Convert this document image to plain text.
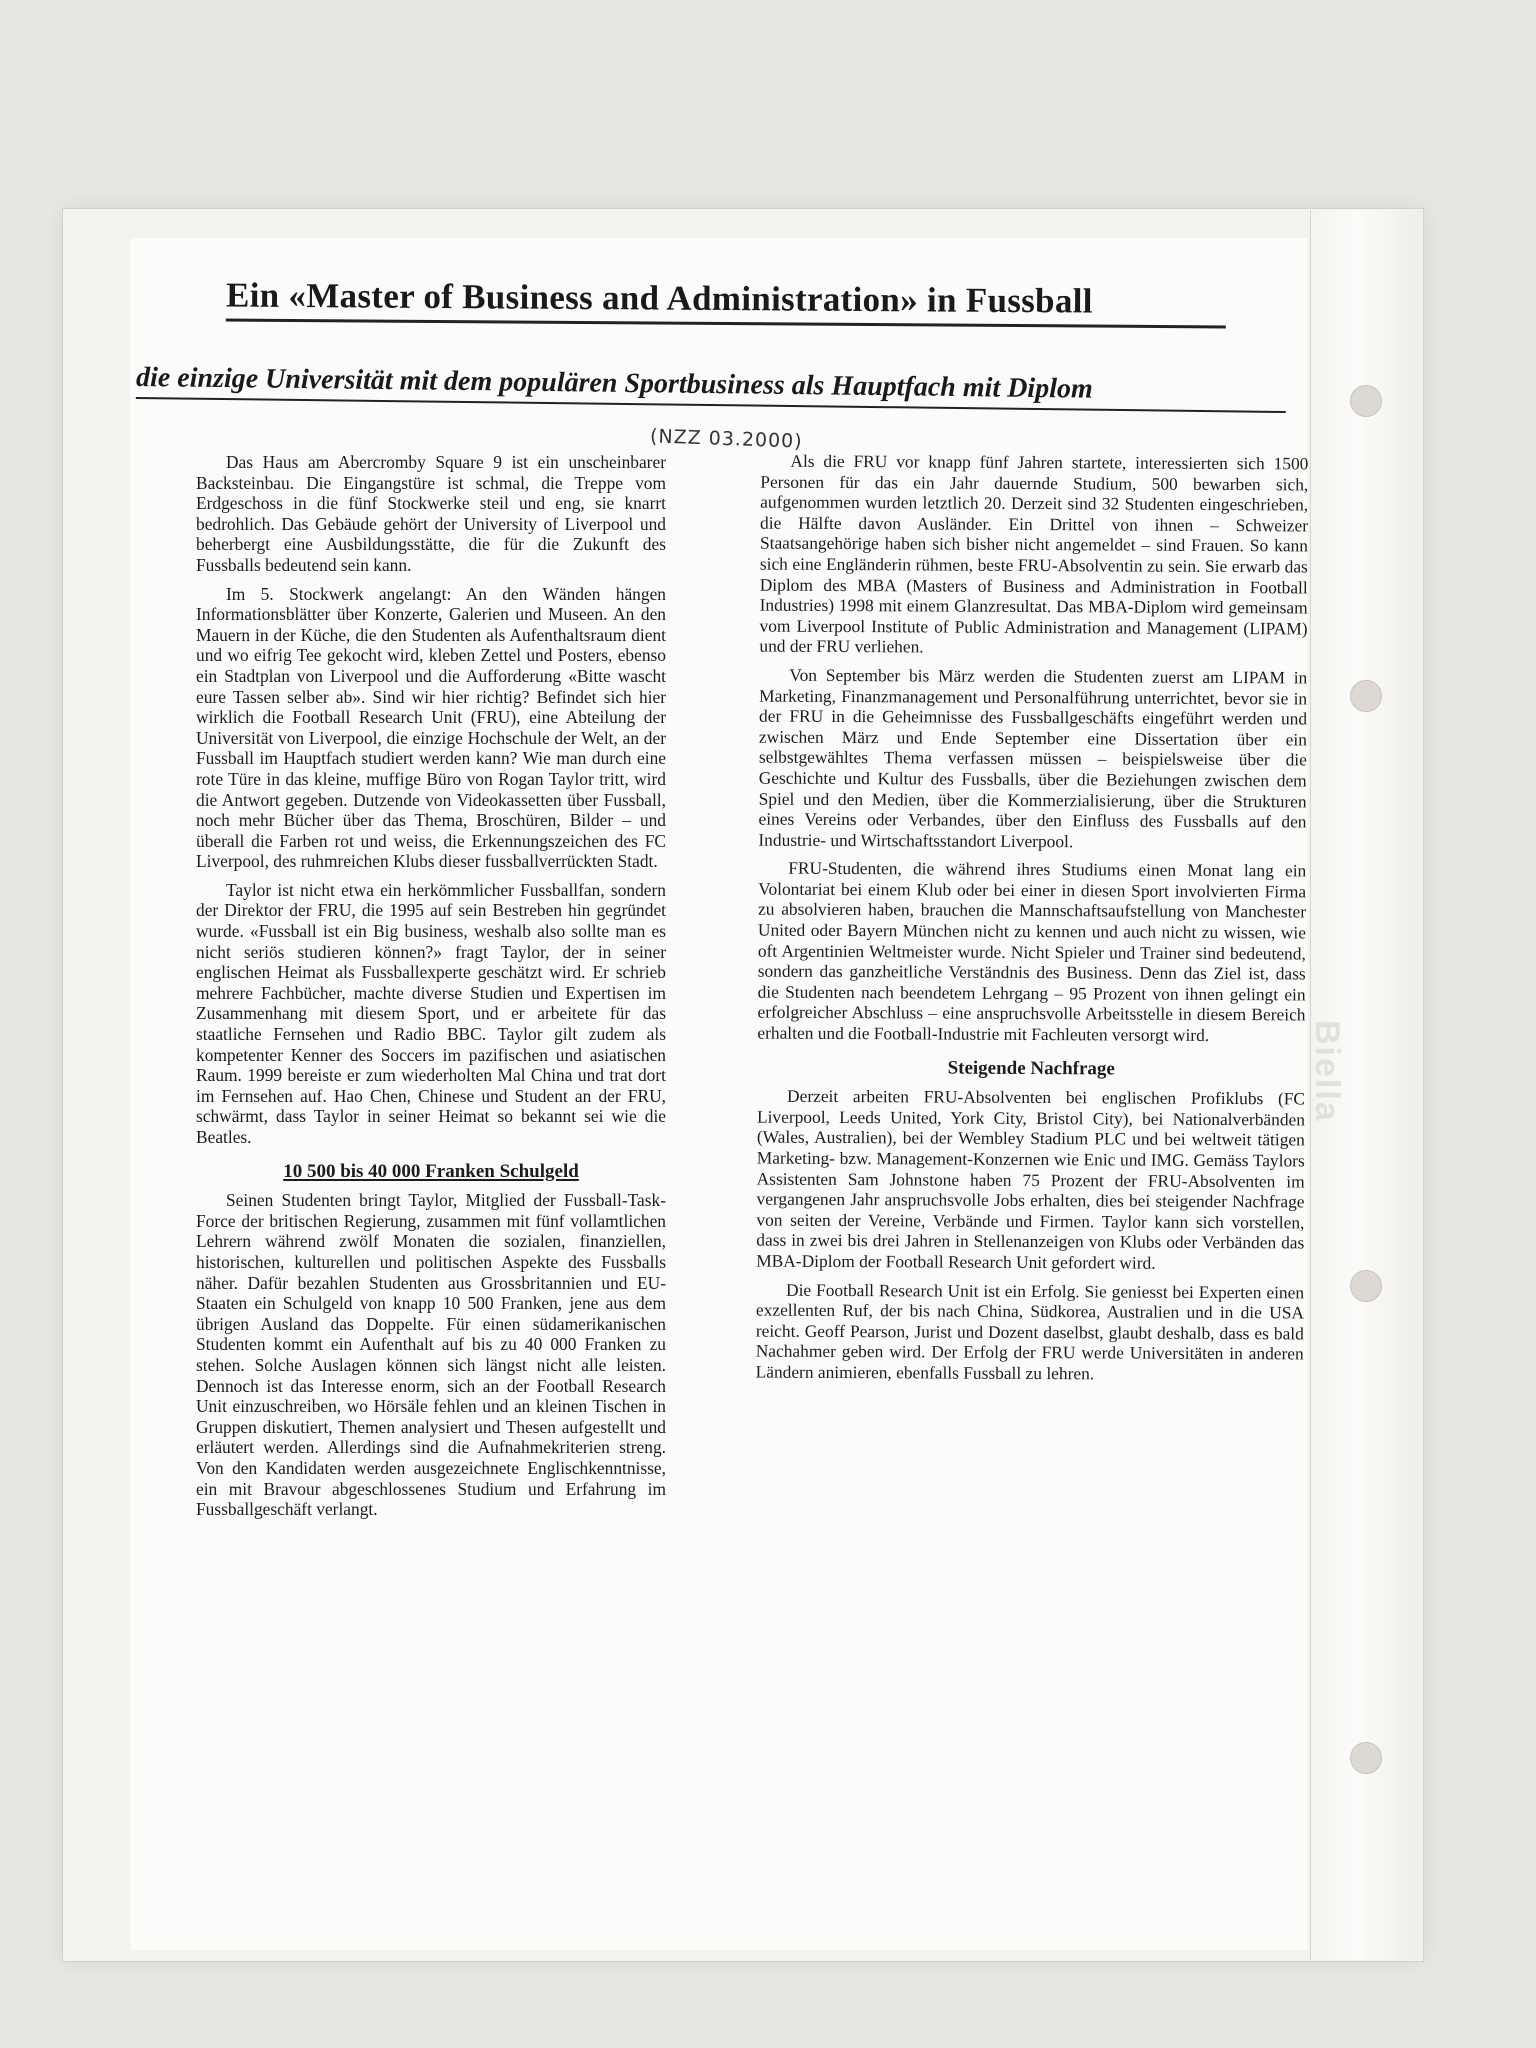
Biella
Ein «Master of Business and Administration» in Fussball
die einzige Universität mit dem populären Sportbusiness als Hauptfach mit Diplom
(NZZ 03.2000)

Das Haus am Abercromby Square 9 ist ein unscheinbarer Backsteinbau. Die Eingangstüre ist schmal, die Treppe vom Erdgeschoss in die fünf Stockwerke steil und eng, sie knarrt bedrohlich. Das Gebäude gehört der University of Liverpool und beherbergt eine Ausbildungsstätte, die für die Zukunft des Fussballs bedeutend sein kann.

Im 5. Stockwerk angelangt: An den Wänden hängen Informationsblätter über Konzerte, Galerien und Museen. An den Mauern in der Küche, die den Studenten als Aufenthaltsraum dient und wo eifrig Tee gekocht wird, kleben Zettel und Posters, ebenso ein Stadtplan von Liverpool und die Aufforderung «Bitte wascht eure Tassen selber ab». Sind wir hier richtig? Befindet sich hier wirklich die Football Research Unit (FRU), eine Abteilung der Universität von Liverpool, die einzige Hochschule der Welt, an der Fussball im Hauptfach studiert werden kann? Wie man durch eine rote Türe in das kleine, muffige Büro von Rogan Taylor tritt, wird die Antwort gegeben. Dutzende von Videokassetten über Fussball, noch mehr Bücher über das Thema, Broschüren, Bilder – und überall die Farben rot und weiss, die Erkennungszeichen des FC Liverpool, des ruhmreichen Klubs dieser fussballverrückten Stadt.

Taylor ist nicht etwa ein herkömmlicher Fussballfan, sondern der Direktor der FRU, die 1995 auf sein Bestreben hin gegründet wurde. «Fussball ist ein Big business, weshalb also sollte man es nicht seriös studieren können?» fragt Taylor, der in seiner englischen Heimat als Fussballexperte geschätzt wird. Er schrieb mehrere Fachbücher, machte diverse Studien und Expertisen im Zusammenhang mit diesem Sport, und er arbeitete für das staatliche Fernsehen und Radio BBC. Taylor gilt zudem als kompetenter Kenner des Soccers im pazifischen und asiatischen Raum. 1999 bereiste er zum wiederholten Mal China und trat dort im Fernsehen auf. Hao Chen, Chinese und Student an der FRU, schwärmt, dass Taylor in seiner Heimat so bekannt sei wie die Beatles.

10 500 bis 40 000 Franken Schulgeld

Seinen Studenten bringt Taylor, Mitglied der Fussball-Task-Force der britischen Regierung, zusammen mit fünf vollamtlichen Lehrern während zwölf Monaten die sozialen, finanziellen, historischen, kulturellen und politischen Aspekte des Fussballs näher. Dafür bezahlen Studenten aus Grossbritannien und EU-Staaten ein Schulgeld von knapp 10 500 Franken, jene aus dem übrigen Ausland das Doppelte. Für einen südamerikanischen Studenten kommt ein Aufenthalt auf bis zu 40 000 Franken zu stehen. Solche Auslagen können sich längst nicht alle leisten. Dennoch ist das Interesse enorm, sich an der Football Research Unit einzuschreiben, wo Hörsäle fehlen und an kleinen Tischen in Gruppen diskutiert, Themen analysiert und Thesen aufgestellt und erläutert werden. Allerdings sind die Aufnahmekriterien streng. Von den Kandidaten werden ausgezeichnete Englischkenntnisse, ein mit Bravour abgeschlossenes Studium und Erfahrung im Fussballgeschäft verlangt.

Als die FRU vor knapp fünf Jahren startete, interessierten sich 1500 Personen für das ein Jahr dauernde Studium, 500 bewarben sich, aufgenommen wurden letztlich 20. Derzeit sind 32 Studenten eingeschrieben, die Hälfte davon Ausländer. Ein Drittel von ihnen – Schweizer Staatsangehörige haben sich bisher nicht angemeldet – sind Frauen. So kann sich eine Engländerin rühmen, beste FRU-Absolventin zu sein. Sie erwarb das Diplom des MBA (Masters of Business and Administration in Football Industries) 1998 mit einem Glanzresultat. Das MBA-Diplom wird gemeinsam vom Liverpool Institute of Public Administration and Management (LIPAM) und der FRU verliehen.

Von September bis März werden die Studenten zuerst am LIPAM in Marketing, Finanzmanagement und Personalführung unterrichtet, bevor sie in der FRU in die Geheimnisse des Fussballgeschäfts eingeführt werden und zwischen März und Ende September eine Dissertation über ein selbstgewähltes Thema verfassen müssen – beispielsweise über die Geschichte und Kultur des Fussballs, über die Beziehungen zwischen dem Spiel und den Medien, über die Kommerzialisierung, über die Strukturen eines Vereins oder Verbandes, über den Einfluss des Fussballs auf den Industrie- und Wirtschaftsstandort Liverpool.

FRU-Studenten, die während ihres Studiums einen Monat lang ein Volontariat bei einem Klub oder bei einer in diesen Sport involvierten Firma zu absolvieren haben, brauchen die Mannschaftsaufstellung von Manchester United oder Bayern München nicht zu kennen und auch nicht zu wissen, wie oft Argentinien Weltmeister wurde. Nicht Spieler und Trainer sind bedeutend, sondern das ganzheitliche Verständnis des Business. Denn das Ziel ist, dass die Studenten nach beendetem Lehrgang – 95 Prozent von ihnen gelingt ein erfolgreicher Abschluss – eine anspruchsvolle Arbeitsstelle in diesem Bereich erhalten und die Football-Industrie mit Fachleuten versorgt wird.

Steigende Nachfrage

Derzeit arbeiten FRU-Absolventen bei englischen Profiklubs (FC Liverpool, Leeds United, York City, Bristol City), bei Nationalverbänden (Wales, Australien), bei der Wembley Stadium PLC und bei weltweit tätigen Marketing- bzw. Management-Konzernen wie Enic und IMG. Gemäss Taylors Assistenten Sam Johnstone haben 75 Prozent der FRU-Absolventen im vergangenen Jahr anspruchsvolle Jobs erhalten, dies bei steigender Nachfrage von seiten der Vereine, Verbände und Firmen. Taylor kann sich vorstellen, dass in zwei bis drei Jahren in Stellenanzeigen von Klubs oder Verbänden das MBA-Diplom der Football Research Unit gefordert wird.

Die Football Research Unit ist ein Erfolg. Sie geniesst bei Experten einen exzellenten Ruf, der bis nach China, Südkorea, Australien und in die USA reicht. Geoff Pearson, Jurist und Dozent daselbst, glaubt deshalb, dass es bald Nachahmer geben wird. Der Erfolg der FRU werde Universitäten in anderen Ländern animieren, ebenfalls Fussball zu lehren.
